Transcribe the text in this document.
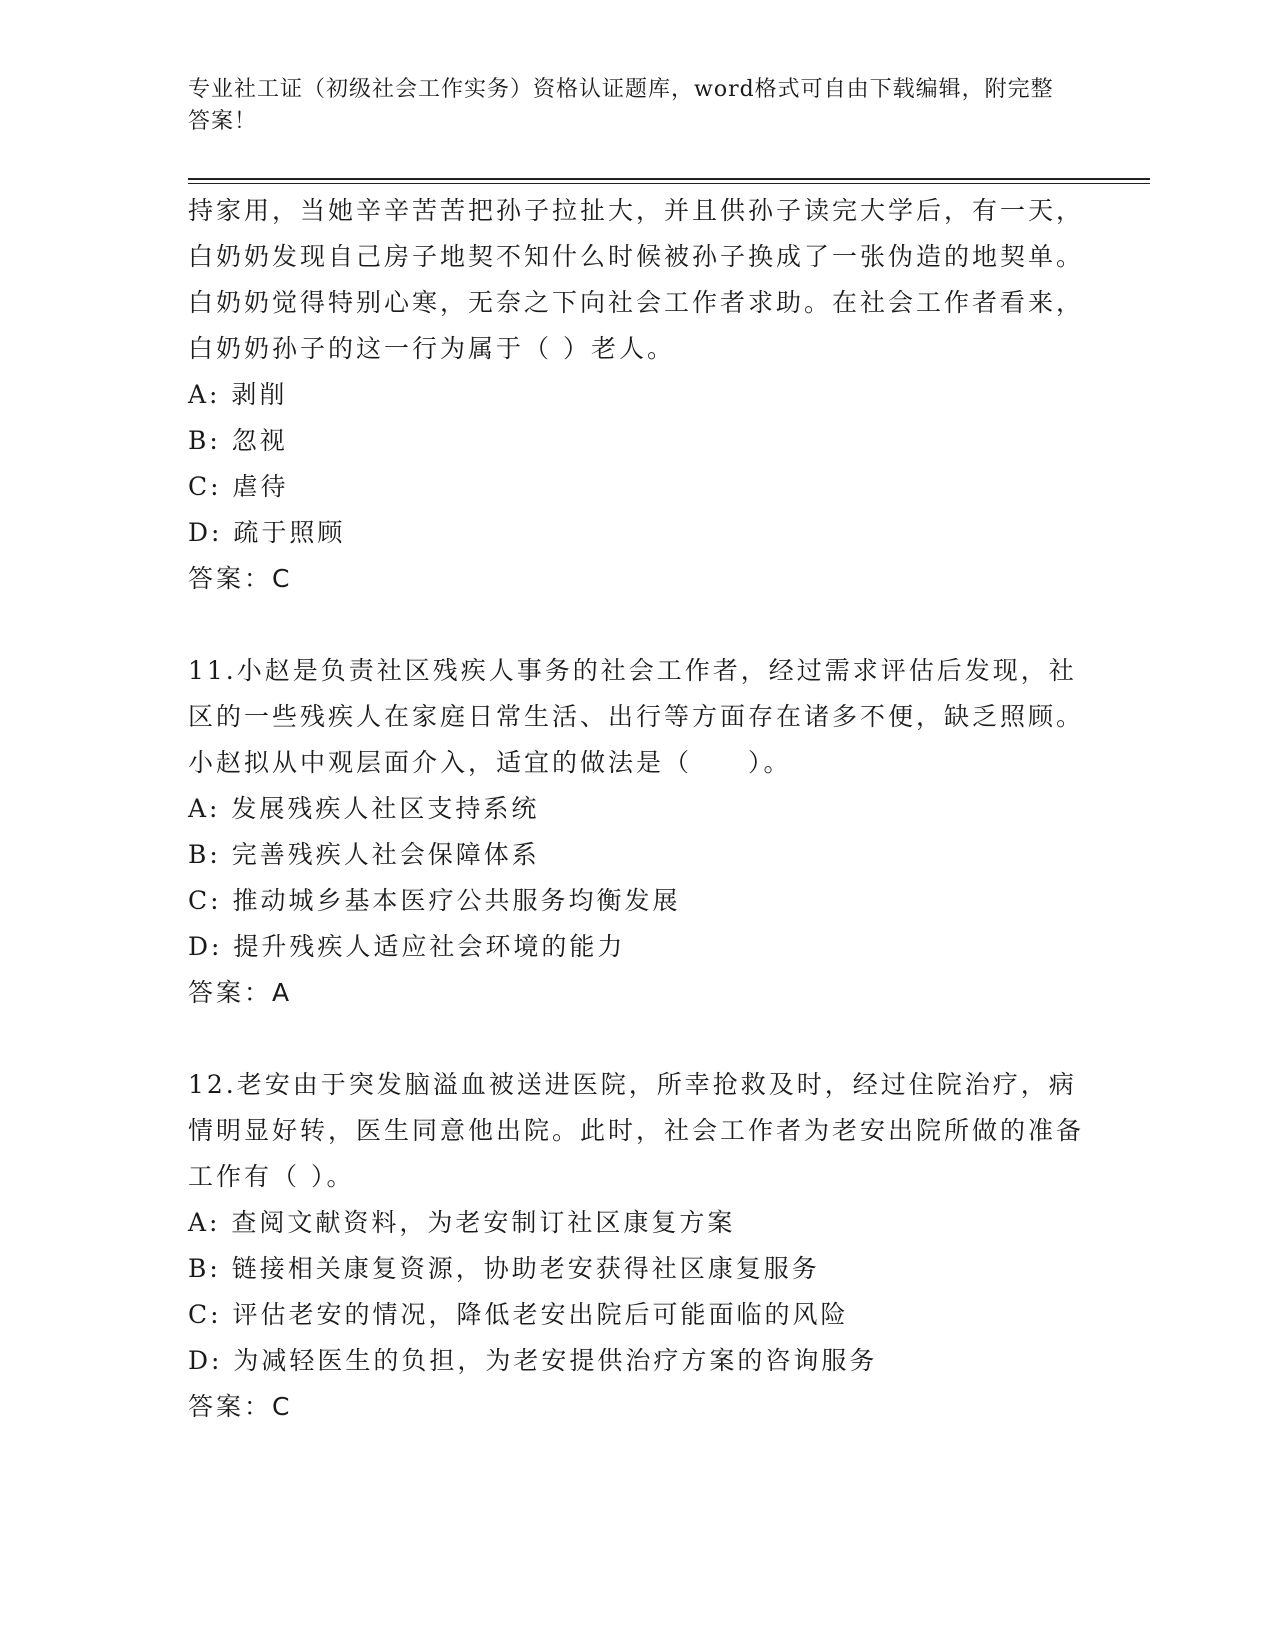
专业社工证（初级社会工作实务）资格认证题库，word格式可自由下载编辑，附完整答案！

持家用，当她辛辛苦苦把孙子拉扯大，并且供孙子读完大学后，有一天，白奶奶发现自己房子地契不知什么时候被孙子换成了一张伪造的地契单。白奶奶觉得特别心寒，无奈之下向社会工作者求助。在社会工作者看来，白奶奶孙子的这一行为属于（ ）老人。

A: 剥削

B: 忽视

C: 虐待

D: 疏于照顾

答案：C

11.小赵是负责社区残疾人事务的社会工作者，经过需求评估后发现，社区的一些残疾人在家庭日常生活、出行等方面存在诸多不便，缺乏照顾。小赵拟从中观层面介入，适宜的做法是（　　）。

A: 发展残疾人社区支持系统

B: 完善残疾人社会保障体系

C: 推动城乡基本医疗公共服务均衡发展

D: 提升残疾人适应社会环境的能力

答案：A

12.老安由于突发脑溢血被送进医院，所幸抢救及时，经过住院治疗，病情明显好转，医生同意他出院。此时，社会工作者为老安出院所做的准备工作有（ ）。

A: 查阅文献资料，为老安制订社区康复方案

B: 链接相关康复资源，协助老安获得社区康复服务

C: 评估老安的情况，降低老安出院后可能面临的风险

D: 为减轻医生的负担，为老安提供治疗方案的咨询服务

答案：C
